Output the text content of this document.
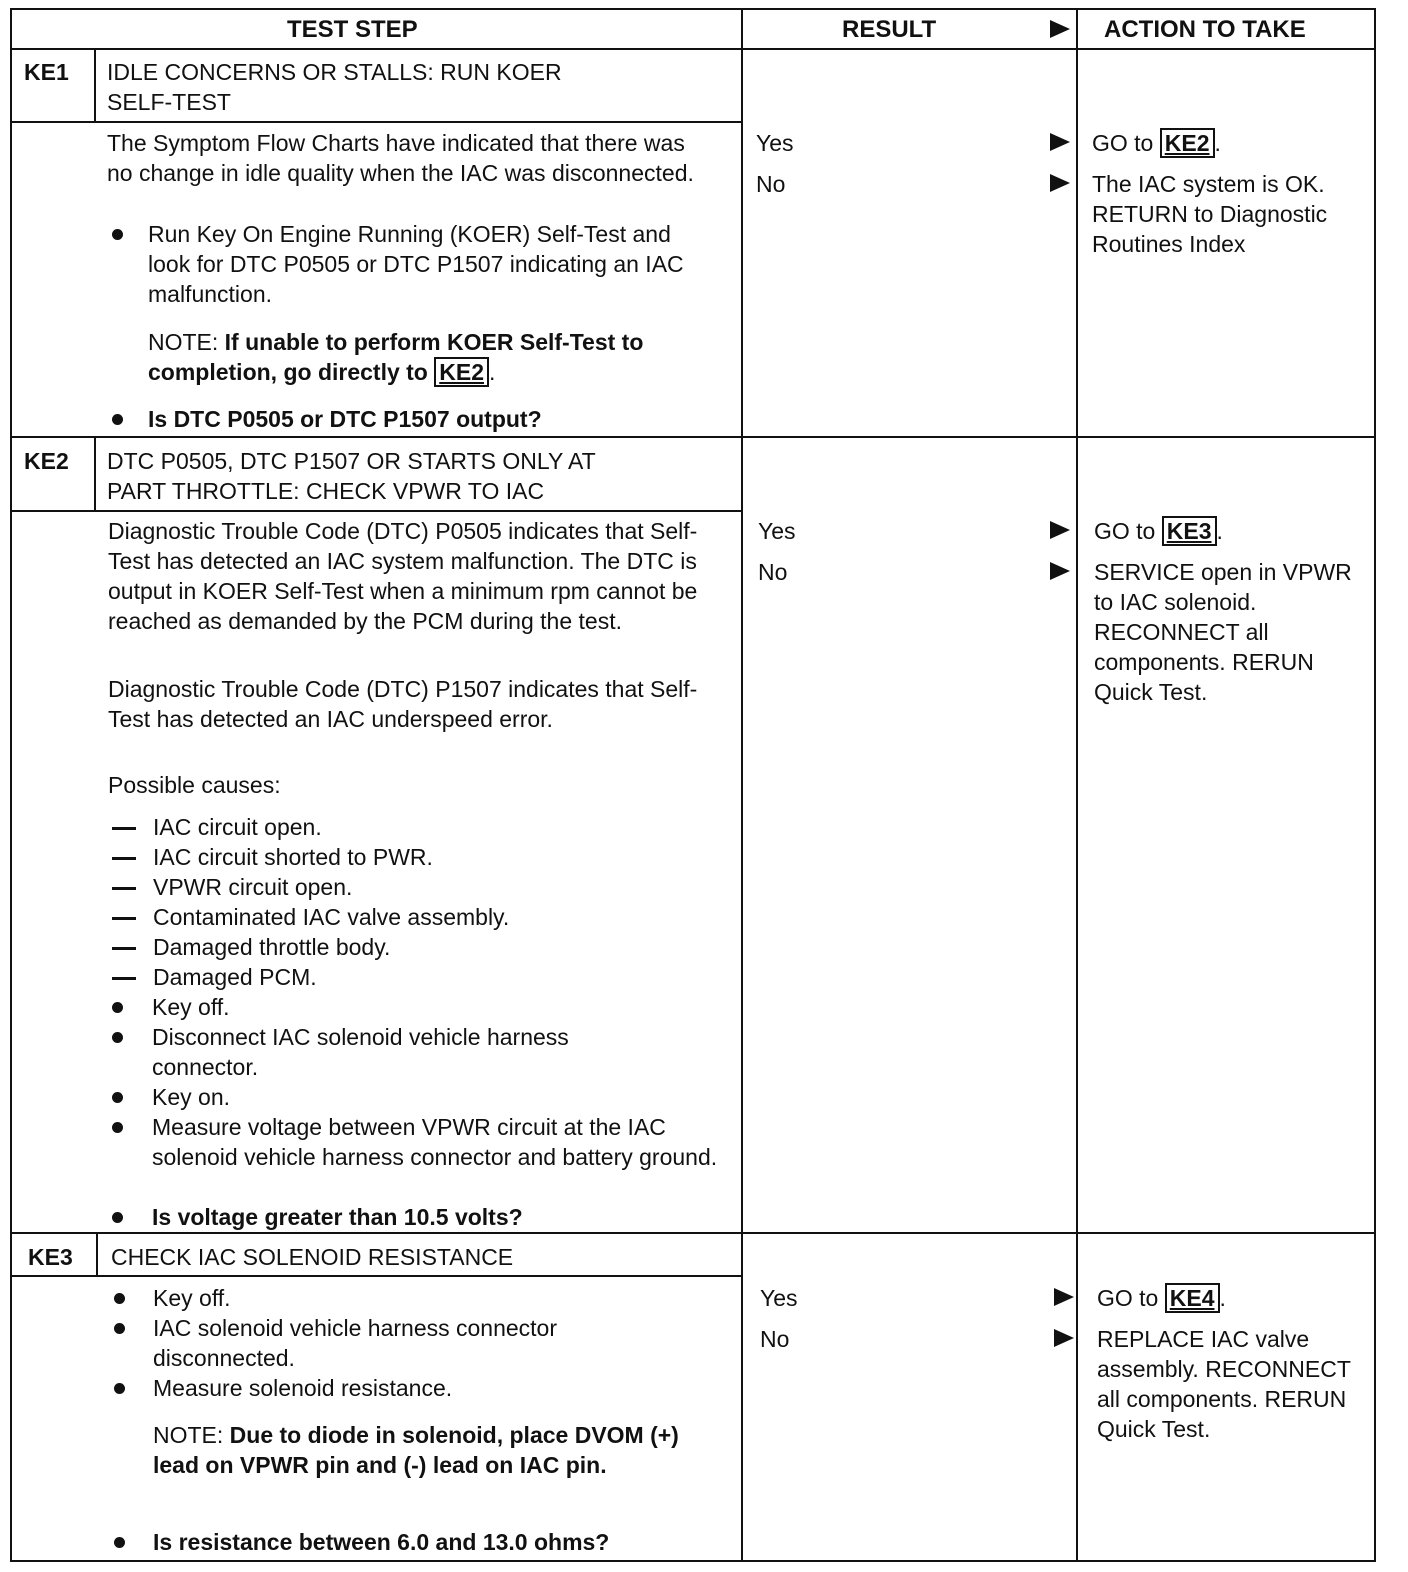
TEST STEP	RESULT	ACTION TO TAKE
KE1 IDLE CONCERNS OR STALLS: RUN KOER
SELF-TEST
The Symptom Flow Charts have indicated that there was no change in idle quality when the IAC was disconnected.
Run Key On Engine Running (KOER) Self-Test and look for DTC P0505 or DTC P1507 indicating an IAC malfunction.
NOTE: If unable to perform KOER Self-Test to completion, go directly to KE2 .
Is DTC P0505 or DTC P1507 output?
Yes
No
GO to KE2 .
The IAC system is OK. RETURN to Diagnostic Routines Index
KE2 DTC P0505, DTC P1507 OR STARTS ONLY AT
PART THROTTLE: CHECK VPWR TO IAC
Diagnostic Trouble Code (DTC) P0505 indicates that Self-Test has detected an IAC system malfunction. The DTC is output in KOER Self-Test when a minimum rpm cannot be reached as demanded by the PCM during the test.
Diagnostic Trouble Code (DTC) P1507 indicates that Self-Test has detected an IAC underspeed error.
Possible causes:
IAC circuit open.
IAC circuit shorted to PWR.
VPWR circuit open.
Contaminated IAC valve assembly.
Damaged throttle body.
Damaged PCM.
Key off.
Disconnect IAC solenoid vehicle harness connector.
Key on.
Measure voltage between VPWR circuit at the IAC solenoid vehicle harness connector and battery ground.
Is voltage greater than 10.5 volts?
Yes
No
GO to KE3 .
SERVICE open in VPWR to IAC solenoid. RECONNECT all components. RERUN Quick Test.
KE3 CHECK IAC SOLENOID RESISTANCE
Key off.
IAC solenoid vehicle harness connector disconnected.
Measure solenoid resistance.
NOTE: Due to diode in solenoid, place DVOM (+) lead on VPWR pin and (-) lead on IAC pin.
Is resistance between 6.0 and 13.0 ohms?
Yes
No
GO to KE4 .
REPLACE IAC valve assembly. RECONNECT all components. RERUN Quick Test.
